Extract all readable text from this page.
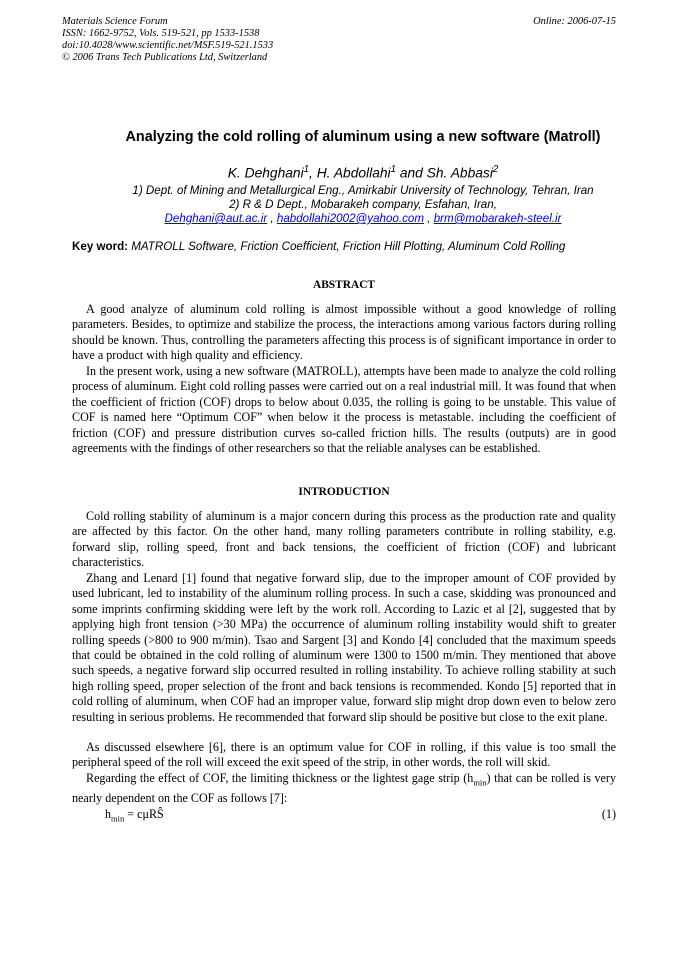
Materials Science Forum
ISSN: 1662-9752, Vols. 519-521, pp 1533-1538
doi:10.4028/www.scientific.net/MSF.519-521.1533
© 2006 Trans Tech Publications Ltd, Switzerland
Online: 2006-07-15
Analyzing the cold rolling of aluminum using a new software (Matroll)
K. Dehghani$^1$, H. Abdollahi$^1$ and Sh. Abbasi$^2$
1) Dept. of Mining and Metallurgical Eng., Amirkabir University of Technology, Tehran, Iran
2) R & D Dept., Mobarakeh company, Esfahan, Iran,
Dehghani@aut.ac.ir , habdollahi2002@yahoo.com , brm@mobarakeh-steel.ir
Key word: MATROLL Software, Friction Coefficient, Friction Hill Plotting, Aluminum Cold Rolling
ABSTRACT

A good analyze of aluminum cold rolling is almost impossible without a good knowledge of rolling parameters. Besides, to optimize and stabilize the process, the interactions among various factors during rolling should be known. Thus, controlling the parameters affecting this process is of significant importance in order to have a product with high quality and efficiency.

In the present work, using a new software (MATROLL), attempts have been made to analyze the cold rolling process of aluminum. Eight cold rolling passes were carried out on a real industrial mill. It was found that when the coefficient of friction (COF) drops to below about 0.035, the rolling is going to be unstable. This value of COF is named here “Optimum COF” when below it the process is metastable. including the coefficient of friction (COF) and pressure distribution curves so-called friction hills. The results (outputs) are in good agreements with the findings of other researchers so that the reliable analyses can be established.

INTRODUCTION

Cold rolling stability of aluminum is a major concern during this process as the production rate and quality are affected by this factor. On the other hand, many rolling parameters contribute in rolling stability, e.g. forward slip, rolling speed, front and back tensions, the coefficient of friction (COF) and lubricant characteristics.

Zhang and Lenard [1] found that negative forward slip, due to the improper amount of COF provided by used lubricant, led to instability of the aluminum rolling process. In such a case, skidding was pronounced and some imprints confirming skidding were left by the work roll. According to Lazic et al [2], suggested that by applying high front tension (>30 MPa) the occurrence of aluminum rolling instability would shift to greater rolling speeds (>800 to 900 m/min). Tsao and Sargent [3] and Kondo [4] concluded that the maximum speeds that could be obtained in the cold rolling of aluminum were 1300 to 1500 m/min. They mentioned that above such speeds, a negative forward slip occurred resulted in rolling instability. To achieve rolling stability at such high rolling speed, proper selection of the front and back tensions is recommended. Kondo [5] reported that in cold rolling of aluminum, when COF had an improper value, forward slip might drop down even to below zero resulting in serious problems. He recommended that forward slip should be positive but close to the exit plane.

As discussed elsewhere [6], there is an optimum value for COF in rolling, if this value is too small the peripheral speed of the roll will exceed the exit speed of the strip, in other words, the roll will skid.

Regarding the effect of COF, the limiting thickness or the lightest gage strip $(h_{min})$ that can be rolled is very nearly dependent on the COF as follows [7]:

$h_{min}$ = cμRŜ	(1)
